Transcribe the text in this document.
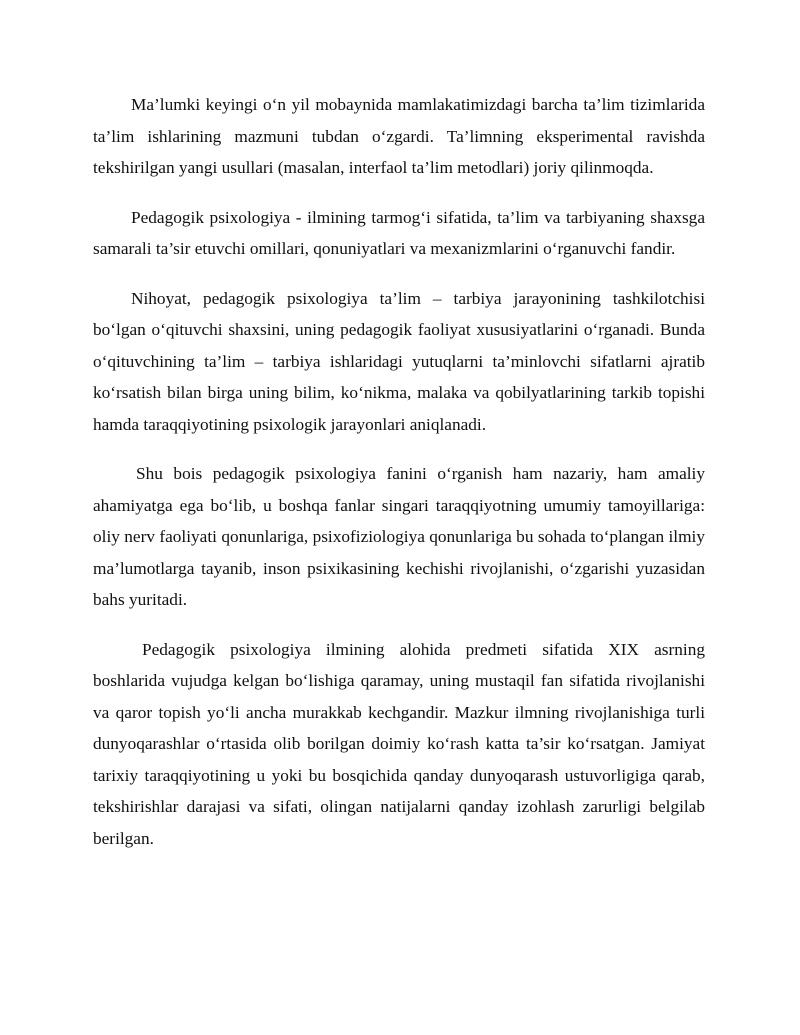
Ma’lumki keyingi o‘n yil mobaynida mamlakatimizdagi barcha ta’lim tizimlarida ta’lim ishlarining mazmuni tubdan o‘zgardi. Ta’limning eksperimental ravishda tekshirilgan yangi usullari (masalan, interfaol ta’lim metodlari) joriy qilinmoqda.

Pedagogik psixologiya - ilmining tarmog‘i sifatida, ta’lim va tarbiyaning shaxsga samarali ta’sir etuvchi omillari, qonuniyatlari va mexanizmlarini o‘rganuvchi fandir.

Nihoyat, pedagogik psixologiya ta’lim – tarbiya jarayonining tashkilotchisi bo‘lgan o‘qituvchi shaxsini, uning pedagogik faoliyat xususiyatlarini o‘rganadi. Bunda o‘qituvchining ta’lim – tarbiya ishlaridagi yutuqlarni ta’minlovchi sifatlarni ajratib ko‘rsatish bilan birga uning bilim, ko‘nikma, malaka va qobilyatlarining tarkib topishi hamda taraqqiyotining psixologik jarayonlari aniqlanadi.

Shu bois pedagogik psixologiya fanini o‘rganish ham nazariy, ham amaliy ahamiyatga ega bo‘lib, u boshqa fanlar singari taraqqiyotning umumiy tamoyillariga: oliy nerv faoliyati qonunlariga, psixofiziologiya qonunlariga bu sohada to‘plangan ilmiy ma’lumotlarga tayanib, inson psixikasining kechishi rivojlanishi, o‘zgarishi yuzasidan bahs yuritadi.

Pedagogik psixologiya ilmining alohida predmeti sifatida XIX asrning boshlarida vujudga kelgan bo‘lishiga qaramay, uning mustaqil fan sifatida rivojlanishi va qaror topish yo‘li ancha murakkab kechgandir. Mazkur ilmning rivojlanishiga turli dunyoqarashlar o‘rtasida olib borilgan doimiy ko‘rash katta ta’sir ko‘rsatgan. Jamiyat tarixiy taraqqiyotining u yoki bu bosqichida qanday dunyoqarash ustuvorligiga qarab, tekshirishlar darajasi va sifati, olingan natijalarni qanday izohlash zarurligi belgilab berilgan.
